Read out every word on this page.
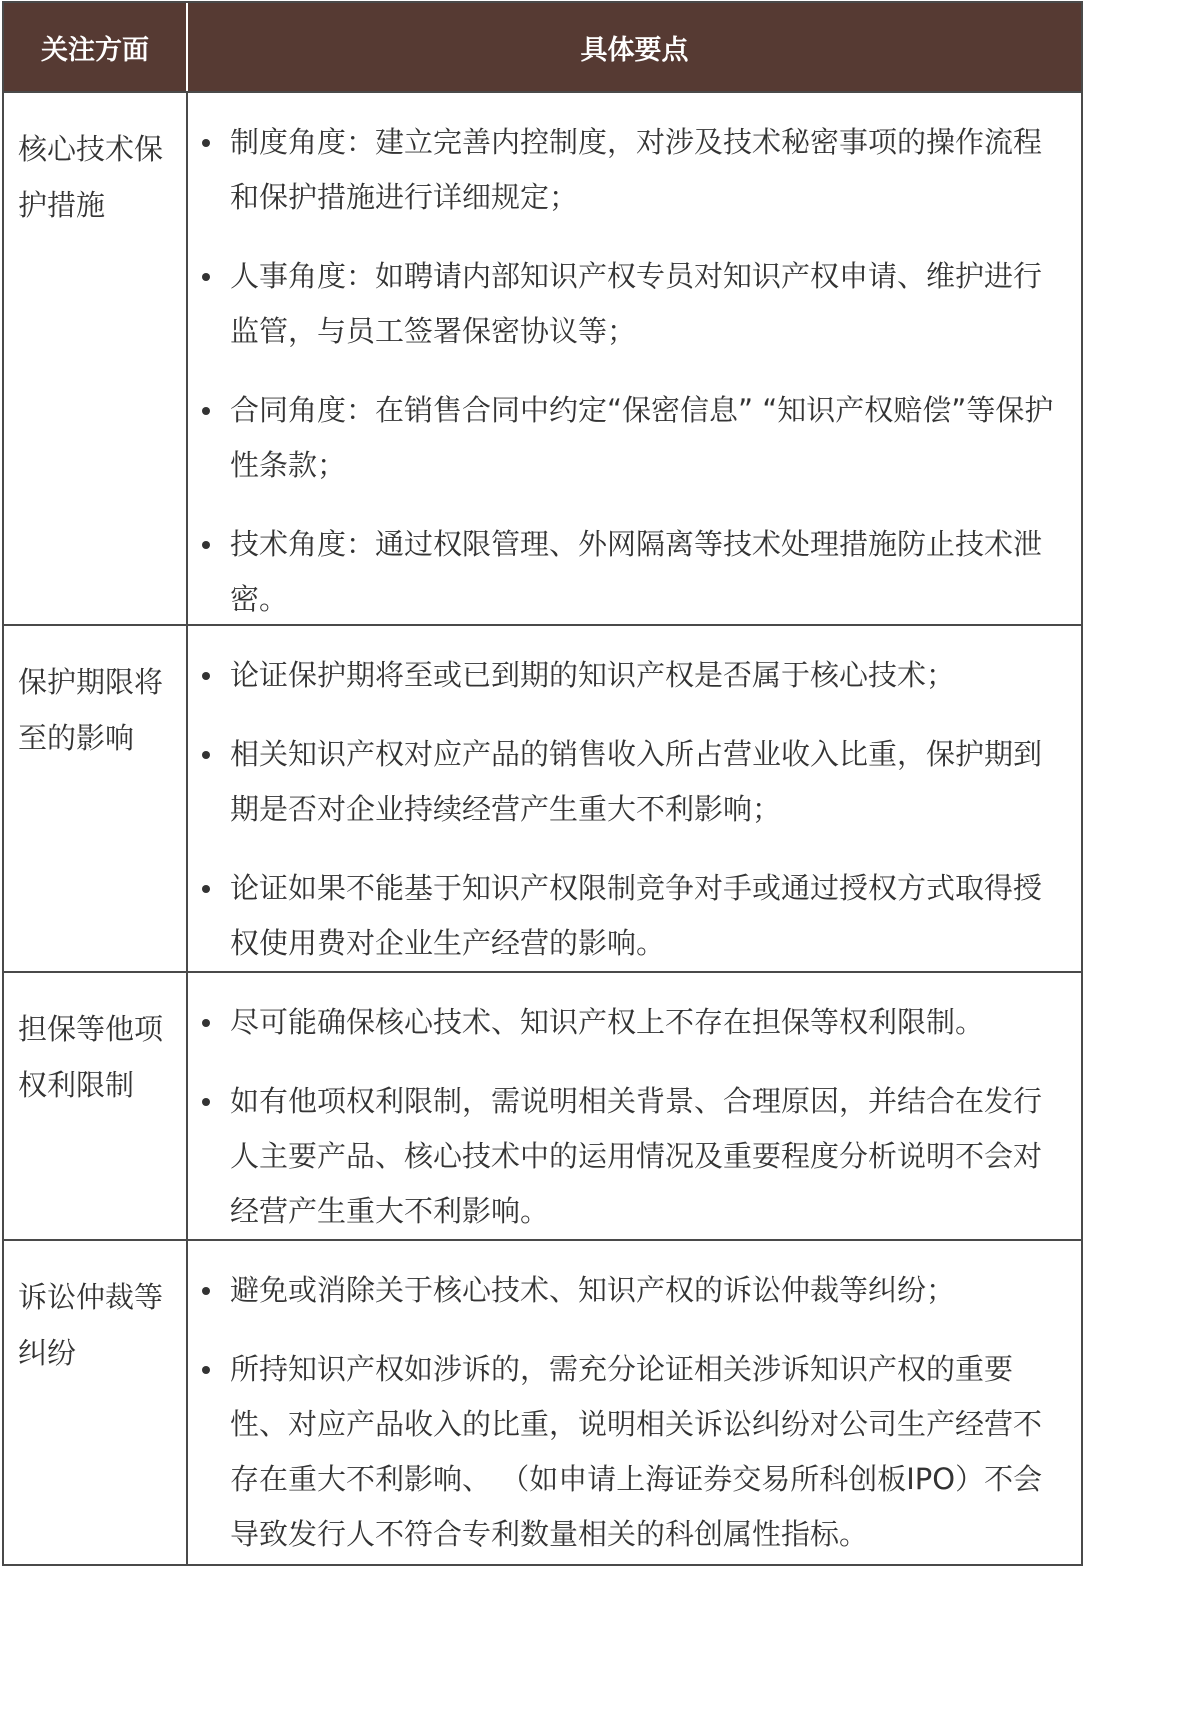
关注方面	具体要点
核心技术保护措施
制度角度：建立完善内控制度，对涉及技术秘密事项的操作流程和保护措施进行详细规定；
人事角度：如聘请内部知识产权专员对知识产权申请、维护进行监管，与员工签署保密协议等；
合同角度：在销售合同中约定“保密信息” “知识产权赔偿”等保护性条款；
技术角度：通过权限管理、外网隔离等技术处理措施防止技术泄密。
保护期限将至的影响
论证保护期将至或已到期的知识产权是否属于核心技术；
相关知识产权对应产品的销售收入所占营业收入比重，保护期到期是否对企业持续经营产生重大不利影响；
论证如果不能基于知识产权限制竞争对手或通过授权方式取得授权使用费对企业生产经营的影响。
担保等他项权利限制
尽可能确保核心技术、知识产权上不存在担保等权利限制。
如有他项权利限制，需说明相关背景、合理原因，并结合在发行人主要产品、核心技术中的运用情况及重要程度分析说明不会对经营产生重大不利影响。
诉讼仲裁等纠纷
避免或消除关于核心技术、知识产权的诉讼仲裁等纠纷；
所持知识产权如涉诉的，需充分论证相关涉诉知识产权的重要性、对应产品收入的比重，说明相关诉讼纠纷对公司生产经营不存在重大不利影响、 （如申请上海证券交易所科创板IPO）不会导致发行人不符合专利数量相关的科创属性指标。
